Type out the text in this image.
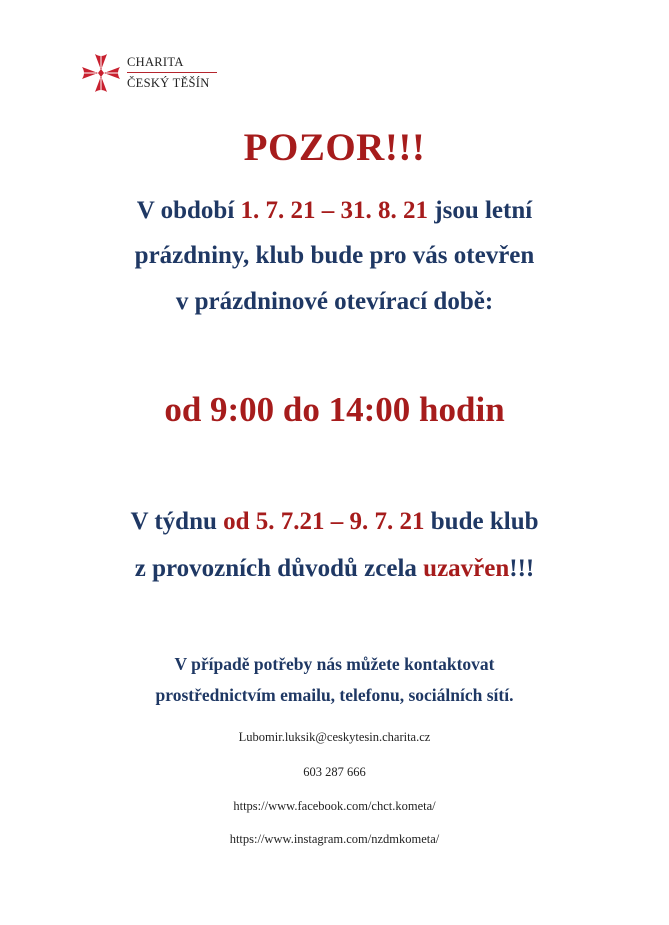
CHARITA
ČESKÝ TĚŠÍN
POZOR!!!
V období 1. 7. 21 – 31. 8. 21 jsou letní
prázdniny, klub bude pro vás otevřen
v prázdninové otevírací době:
od 9:00 do 14:00 hodin
V týdnu od 5. 7.21 – 9. 7. 21 bude klub
z provozních důvodů zcela uzavřen!!!
V případě potřeby nás můžete kontaktovat
prostřednictvím emailu, telefonu, sociálních sítí.
Lubomir.luksik@ceskytesin.charita.cz
603 287 666
https://www.facebook.com/chct.kometa/
https://www.instagram.com/nzdmkometa/
